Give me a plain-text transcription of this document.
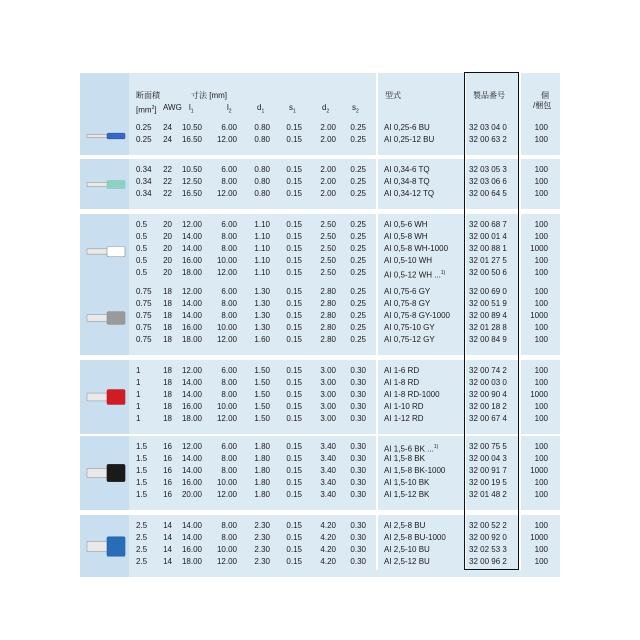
断面積	寸法 [mm]
$[mm^2]$ AWG $l_1$	$l_2$	$d_1$	$s_1$	$d_2$	$s_2$
型式	製品番号	個
/梱包
0.25	24	10.50	6.00	0.80	0.15	2.00	0.25 AI 0,25-6 BU	32 03 04 0	100
0.25	24	16.50	12.00	0.80	0.15	2.00	0.25 AI 0,25-12 BU	32 00 63 2	100
0.34	22	10.50	6.00	0.80	0.15	2.00	0.25 AI 0,34-6 TQ	32 03 05 3	100
0.34	22	12.50	8.00	0.80	0.15	2.00	0.25 AI 0,34-8 TQ	32 03 06 6	100
0.34	22	16.50	12.00	0.80	0.15	2.00	0.25 AI 0,34-12 TQ	32 00 64 5	100
0.5	20	12.00	6.00	1.10	0.15	2.50	0.25 AI 0,5-6 WH	32 00 68 7	100
0.5	20	14.00	8.00	1.10	0.15	2.50	0.25 AI 0,5-8 WH	32 00 01 4	100
0.5	20	14.00	8.00	1.10	0.15	2.50	0.25 AI 0,5-8 WH-1000	32 00 88 1	1000
0.5	20	16.00	10.00	1.10	0.15	2.50	0.25 AI 0,5-10 WH	32 01 27 5	100
0.5	20	18.00	12.00	1.10	0.15	2.50	0.25 AI 0,5-12 WH ...$^{1)}$	32 00 50 6	100
0.75	18	12.00	6.00	1.30	0.15	2.80	0.25 AI 0,75-6 GY	32 00 69 0	100
0.75	18	14.00	8.00	1.30	0.15	2.80	0.25 AI 0,75-8 GY	32 00 51 9	100
0.75	18	14.00	8.00	1.30	0.15	2.80	0.25 AI 0,75-8 GY-1000	32 00 89 4	1000
0.75	18	16.00	10.00	1.30	0.15	2.80	0.25 AI 0,75-10 GY	32 01 28 8	100
0.75	18	18.00	12.00	1.60	0.15	2.80	0.25 AI 0,75-12 GY	32 00 84 9	100
1	18	12.00	6.00	1.50	0.15	3.00	0.30 AI 1-6 RD	32 00 74 2	100
1	18	14.00	8.00	1.50	0.15	3.00	0.30 AI 1-8 RD	32 00 03 0	100
1	18	14.00	8.00	1.50	0.15	3.00	0.30 AI 1-8 RD-1000	32 00 90 4	1000
1	18	16.00	10.00	1.50	0.15	3.00	0.30 AI 1-10 RD	32 00 18 2	100
1	18	18.00	12.00	1.50	0.15	3.00	0.30 AI 1-12 RD	32 00 67 4	100
1.5	16	12.00	6.00	1.80	0.15	3.40	0.30 AI 1,5-6 BK ...$^{1)}$	32 00 75 5	100
1.5	16	14.00	8.00	1.80	0.15	3.40	0.30 AI 1,5-8 BK	32 00 04 3	100
1.5	16	14.00	8.00	1.80	0.15	3.40	0.30 AI 1,5-8 BK-1000	32 00 91 7	1000
1.5	16	16.00	10.00	1.80	0.15	3.40	0.30 AI 1,5-10 BK	32 00 19 5	100
1.5	16	20.00	12.00	1.80	0.15	3.40	0.30 AI 1,5-12 BK	32 01 48 2	100
2.5	14	14.00	8.00	2.30	0.15	4.20	0.30 AI 2,5-8 BU	32 00 52 2	100
2.5	14	14.00	8.00	2.30	0.15	4.20	0.30 AI 2,5-8 BU-1000	32 00 92 0	1000
2.5	14	16.00	10.00	2.30	0.15	4.20	0.30 AI 2,5-10 BU	32 02 53 3	100
2.5	14	18.00	12.00	2.30	0.15	4.20	0.30 AI 2,5-12 BU	32 00 96 2	100
